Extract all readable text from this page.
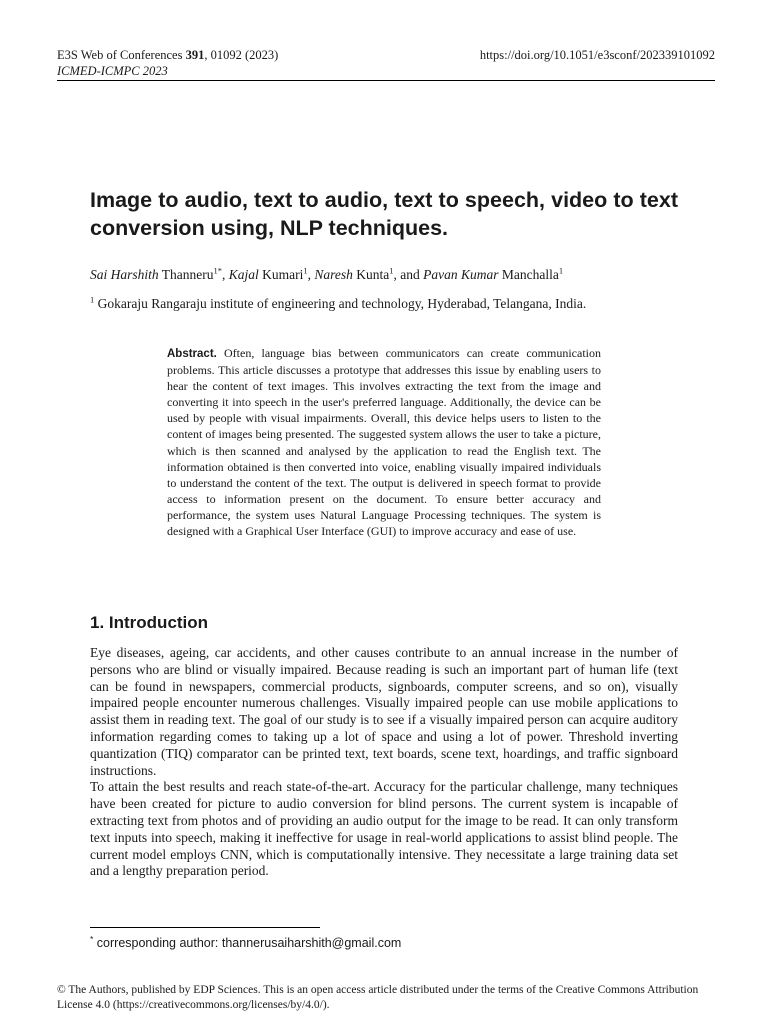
E3S Web of Conferences 391, 01092 (2023)
ICMED-ICMPC 2023
https://doi.org/10.1051/e3sconf/202339101092
Image to audio, text to audio, text to speech, video to text conversion using, NLP techniques.
Sai Harshith Thanneru$^{1*}$, Kajal Kumari$^1$, Naresh Kunta$^1$, and Pavan Kumar Manchalla$^1$
$^1$ Gokaraju Rangaraju institute of engineering and technology, Hyderabad, Telangana, India.
Abstract. Often, language bias between communicators can create communication problems. This article discusses a prototype that addresses this issue by enabling users to hear the content of text images. This involves extracting the text from the image and converting it into speech in the user's preferred language. Additionally, the device can be used by people with visual impairments. Overall, this device helps users to listen to the content of images being presented. The suggested system allows the user to take a picture, which is then scanned and analysed by the application to read the English text. The information obtained is then converted into voice, enabling visually impaired individuals to understand the content of the text. The output is delivered in speech format to provide access to information present on the document. To ensure better accuracy and performance, the system uses Natural Language Processing techniques. The system is designed with a Graphical User Interface (GUI) to improve accuracy and ease of use.
1. Introduction

Eye diseases, ageing, car accidents, and other causes contribute to an annual increase in the number of persons who are blind or visually impaired. Because reading is such an important part of human life (text can be found in newspapers, commercial products, signboards, computer screens, and so on), visually impaired people encounter numerous challenges. Visually impaired people can use mobile applications to assist them in reading text. The goal of our study is to see if a visually impaired person can acquire auditory information regarding comes to taking up a lot of space and using a lot of power. Threshold inverting quantization (TIQ) comparator can be printed text, text boards, scene text, hoardings, and traffic signboard instructions.

To attain the best results and reach state-of-the-art. Accuracy for the particular challenge, many techniques have been created for picture to audio conversion for blind persons. The current system is incapable of extracting text from photos and of providing an audio output for the image to be read. It can only transform text inputs into speech, making it ineffective for usage in real-world applications to assist blind people. The current model employs CNN, which is computationally intensive. They necessitate a large training data set and a lengthy preparation period.

* corresponding author: thannerusaiharshith@gmail.com
© The Authors, published by EDP Sciences. This is an open access article distributed under the terms of the Creative Commons Attribution License 4.0 (https://creativecommons.org/licenses/by/4.0/).
